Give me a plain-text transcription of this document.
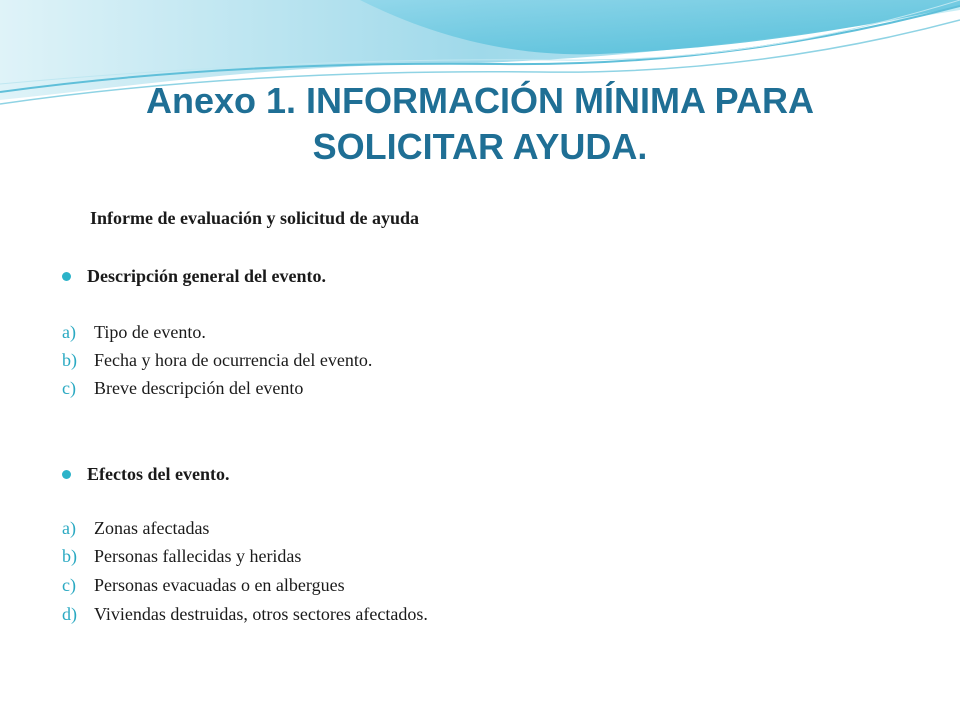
Anexo 1. INFORMACIÓN MÍNIMA PARA SOLICITAR AYUDA.
Informe de evaluación y solicitud de ayuda
Descripción general del evento.
a)	Tipo de evento.
b) Fecha y hora de ocurrencia del evento.
c)	Breve descripción del evento
Efectos del evento.
a)	Zonas afectadas
b) Personas fallecidas y heridas
c)	Personas evacuadas o en albergues
d) Viviendas destruidas, otros sectores afectados.
